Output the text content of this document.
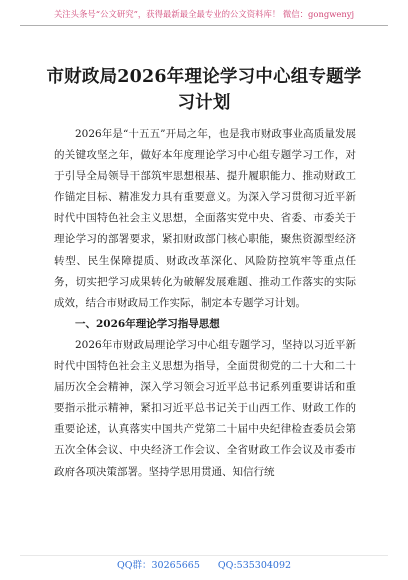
关注头条号“公文研究”，获得最新最全最专业的公文资料库！ 微信：gongwenyj
市财政局2026年理论学习中心组专题学
习计划

2026年是“十五五”开局之年，也是我市财政事业高质量发展的关键攻坚之年，做好本年度理论学习中心组专题学习工作，对于引导全局领导干部筑牢思想根基、提升履职能力、推动财政工作锚定目标、精准发力具有重要意义。为深入学习贯彻习近平新时代中国特色社会主义思想，全面落实党中央、省委、市委关于理论学习的部署要求，紧扣财政部门核心职能，聚焦资源型经济转型、民生保障提质、财政改革深化、风险防控筑牢等重点任务，切实把学习成果转化为破解发展难题、推动工作落实的实际成效，结合市财政局工作实际，制定本专题学习计划。

一、2026年理论学习指导思想

2026年市财政局理论学习中心组专题学习，坚持以习近平新时代中国特色社会主义思想为指导，全面贯彻党的二十大和二十届历次全会精神，深入学习领会习近平总书记系列重要讲话和重要指示批示精神，紧扣习近平总书记关于山西工作、财政工作的重要论述，认真落实中国共产党第二十届中央纪律检查委员会第五次全体会议、中央经济工作会议、全省财政工作会议及市委市政府各项决策部署。坚持学思用贯通、知信行统

QQ群：30265665 QQ:535304092
